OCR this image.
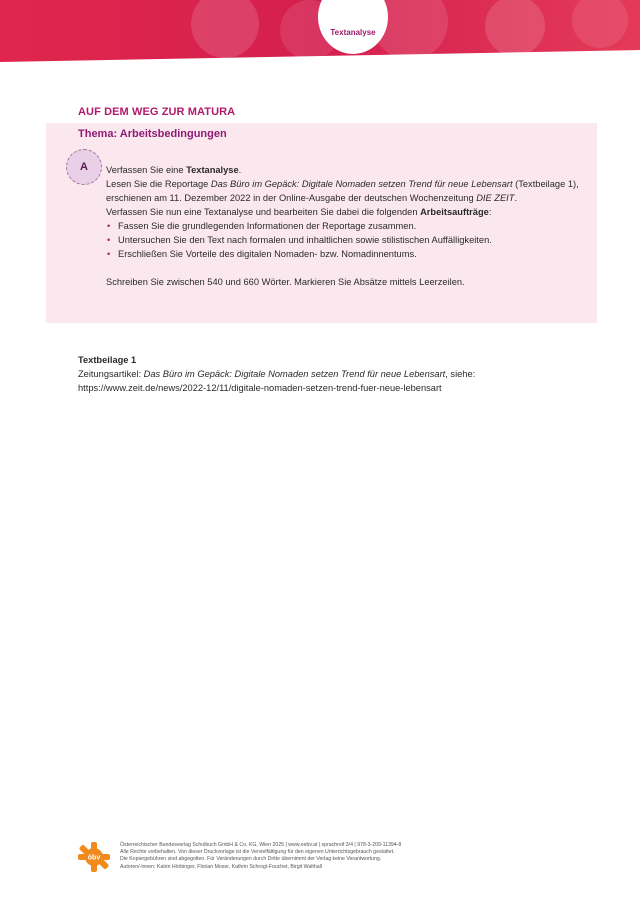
Textanalyse
AUF DEM WEG ZUR MATURA
Thema: Arbeitsbedingungen
A	Verfassen Sie eine Textanalyse.

Lesen Sie die Reportage Das Büro im Gepäck: Digitale Nomaden setzen Trend für neue Lebensart (Textbeilage 1), erschienen am 11. Dezember 2022 in der Online-Ausgabe der deutschen Wochenzeitung DIE ZEIT.

Verfassen Sie nun eine Textanalyse und bearbeiten Sie dabei die folgenden Arbeitsaufträge:

• Fassen Sie die grundlegenden Informationen der Reportage zusammen.
• Untersuchen Sie den Text nach formalen und inhaltlichen sowie stilistischen Auffälligkeiten.
• Erschließen Sie Vorteile des digitalen Nomaden- bzw. Nomadinnentums.

Schreiben Sie zwischen 540 und 660 Wörter. Markieren Sie Absätze mittels Leerzeilen.

Textbeilage 1

Zeitungsartikel: Das Büro im Gepäck: Digitale Nomaden setzen Trend für neue Lebensart, siehe:

https://www.zeit.de/news/2022-12/11/digitale-nomaden-setzen-trend-fuer-neue-lebensart

öbv

Österreichischer Bundesverlag Schulbuch GmbH & Co. KG, Wien 2025 | www.oebv.at | sprachreif 3/4 | 978-3-209-11394-8

Alle Rechte vorbehalten. Von dieser Druckvorlage ist die Vervielfältigung für den eigenen Unterrichtsgebrauch gestattet.

Die Kopiergebühren sind abgegolten. Für Veränderungen durch Dritte übernimmt der Verlag keine Verantwortung.

Autoren/-innen: Katrin Hörbinger, Florian Moser, Kathrin Schrogl-Fouchet, Birgit Walthall
